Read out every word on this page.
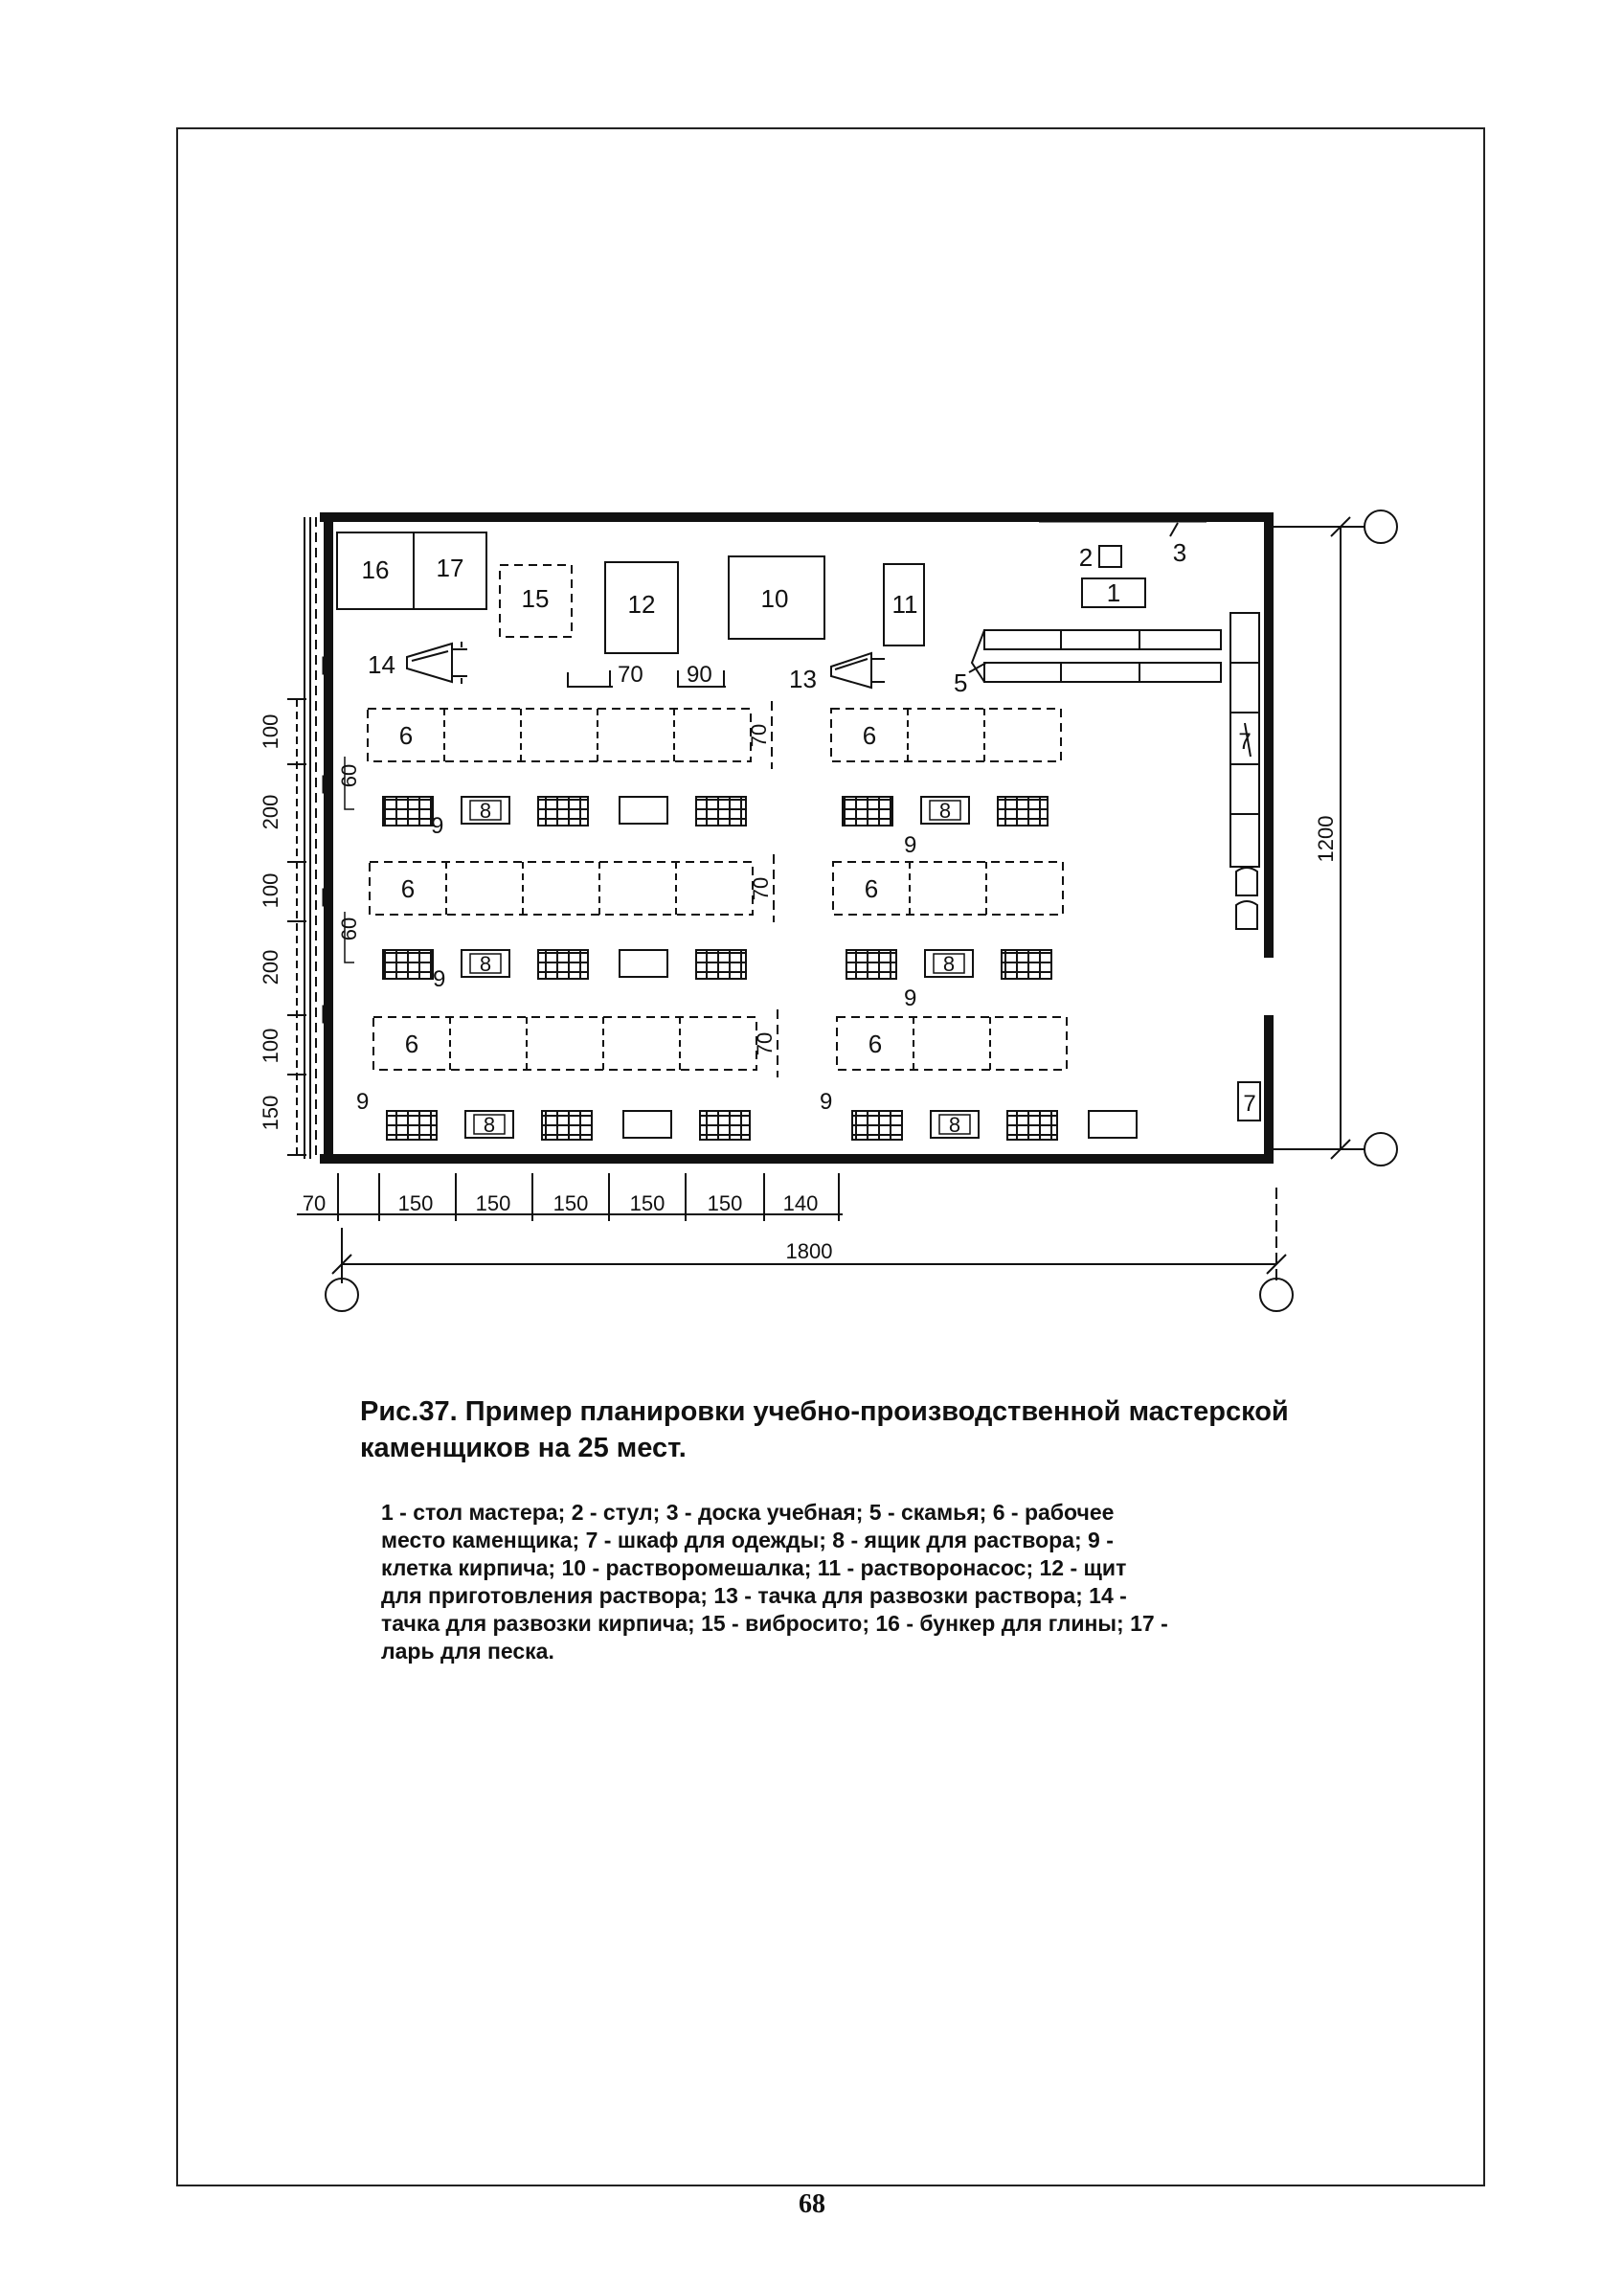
100
200
100
200
100
150
60
60
1200
70	150 150 150 150 150 140
1800
16 17
15	12	10	11
2	3
1
14	13
70 90	5
7
7
6	70	6
6	70	6
6	70	6
8	8
9
9
8	8
9
9
8	8
9	9
Рис.37. Пример планировки учебно-производственной мастерской
каменщиков на 25 мест.
1 - стол мастера; 2 - стул; 3 - доска учебная; 5 - скамья; 6 - рабочее
место каменщика; 7 - шкаф для одежды; 8 - ящик для раствора; 9 -
клетка кирпича; 10 - растворомешалка; 11 - растворонасос; 12 - щит
для приготовления раствора; 13 - тачка для развозки раствора; 14 -
тачка для развозки кирпича; 15 - вибросито; 16 - бункер для глины; 17 -
ларь для песка.
68
